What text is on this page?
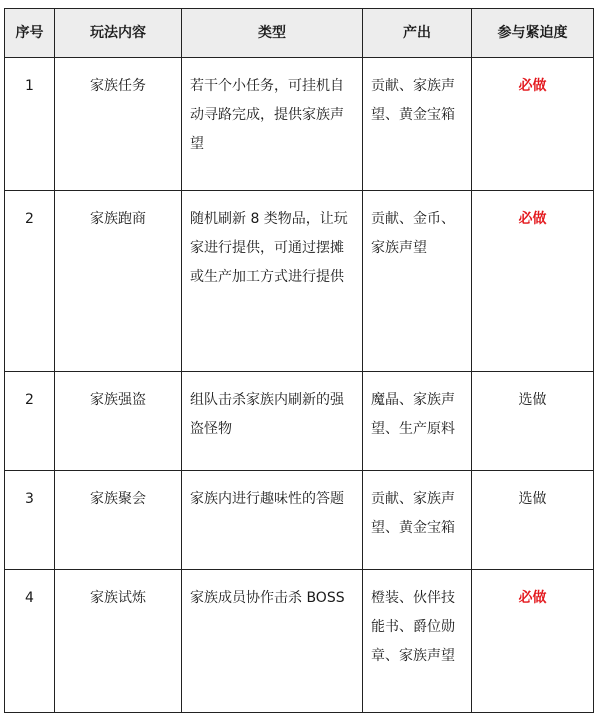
序号	玩法内容	类型	产出	参与紧迫度
1	家族任务	若干个小任务，可挂机自动寻路完成，提供家族声望	贡献、家族声望、黄金宝箱	必做
2	家族跑商	随机刷新 8 类物品，让玩家进行提供，可通过摆摊或生产加工方式进行提供	贡献、金币、家族声望	必做
2	家族强盗	组队击杀家族内刷新的强盗怪物	魔晶、家族声望、生产原料	选做
3	家族聚会	家族内进行趣味性的答题	贡献、家族声望、黄金宝箱	选做
4	家族试炼	家族成员协作击杀 BOSS	橙装、伙伴技能书、爵位勋章、家族声望	必做
